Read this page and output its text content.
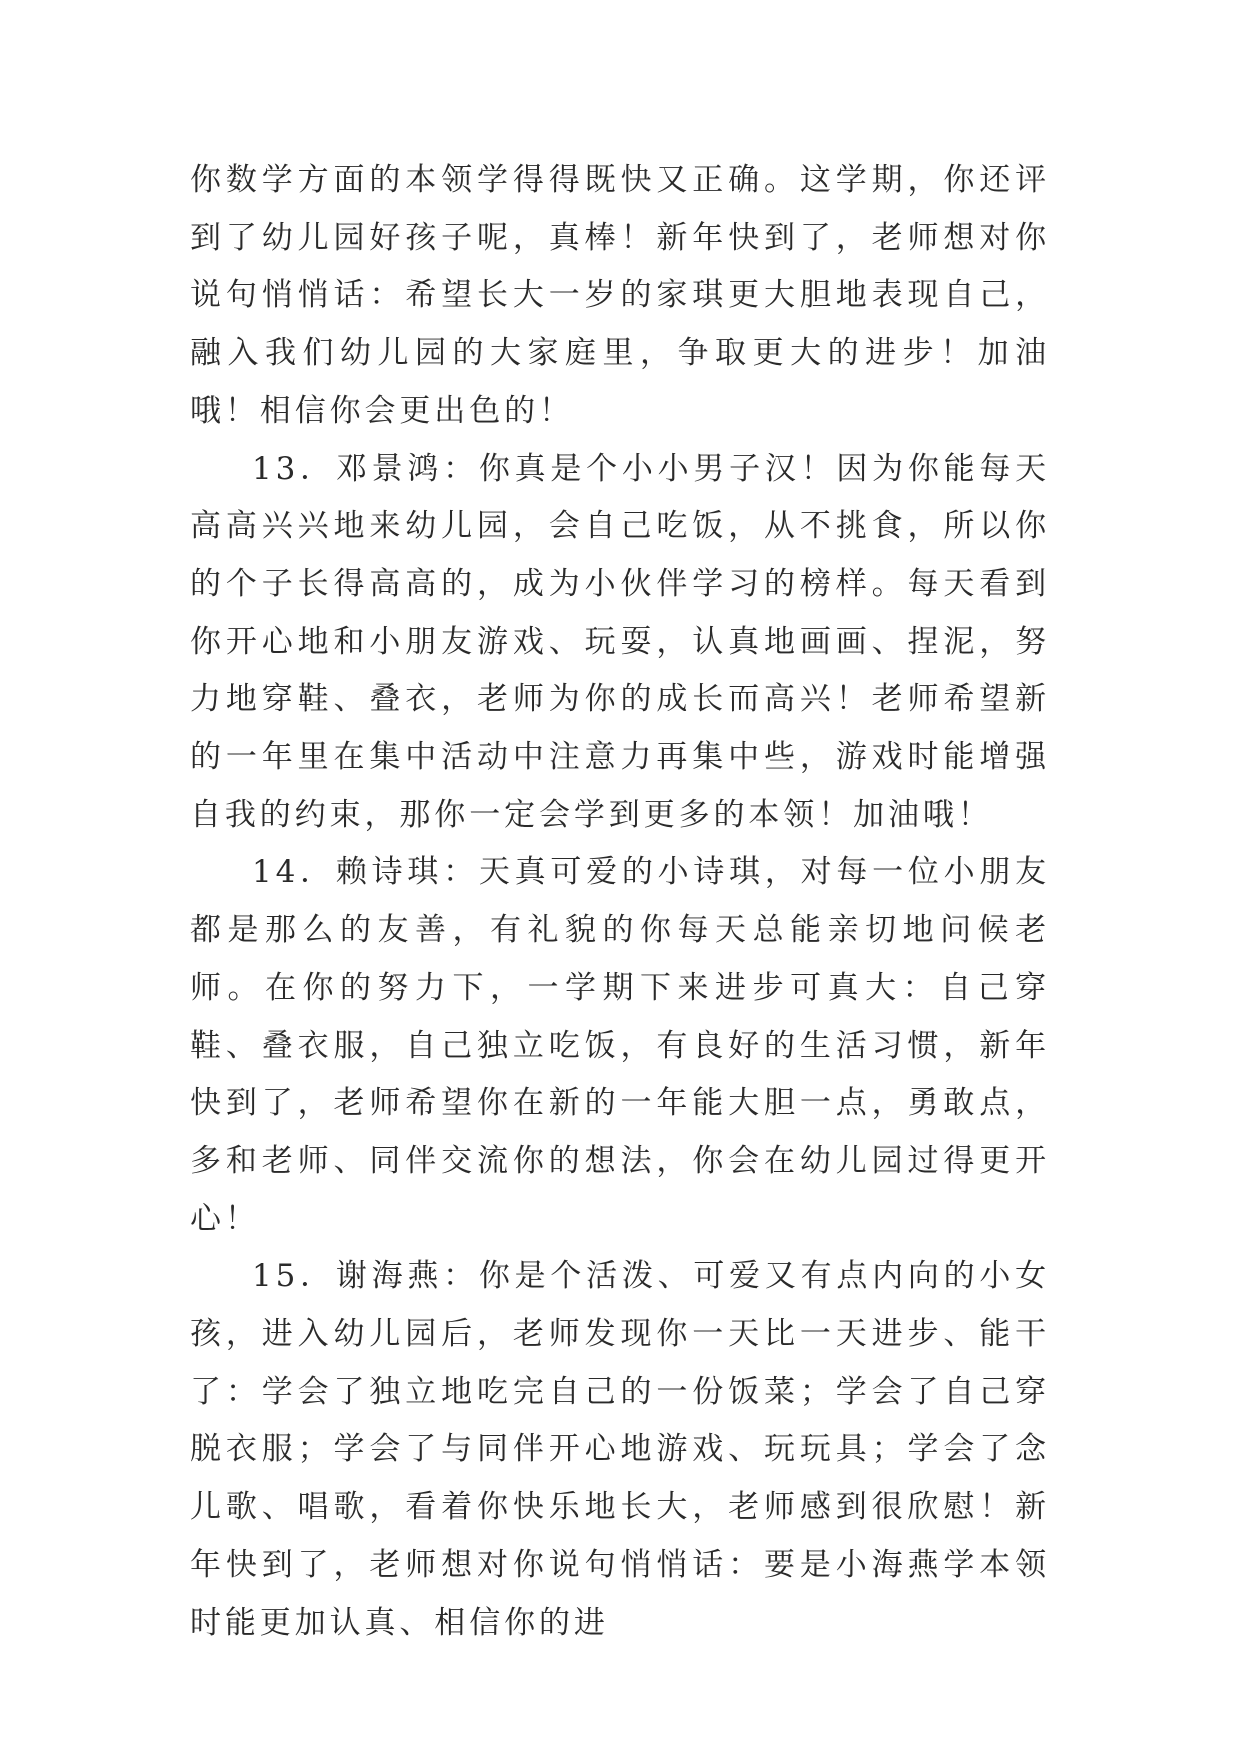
你数学方面的本领学得得既快又正确。这学期，你还评到了幼儿园好孩子呢，真棒！新年快到了，老师想对你说句悄悄话：希望长大一岁的家琪更大胆地表现自己，融入我们幼儿园的大家庭里，争取更大的进步！加油哦！相信你会更出色的！

13．邓景鸿：你真是个小小男子汉！因为你能每天高高兴兴地来幼儿园，会自己吃饭，从不挑食，所以你的个子长得高高的，成为小伙伴学习的榜样。每天看到你开心地和小朋友游戏、玩耍，认真地画画、捏泥，努力地穿鞋、叠衣，老师为你的成长而高兴！老师希望新的一年里在集中活动中注意力再集中些，游戏时能增强自我的约束，那你一定会学到更多的本领！加油哦！

14．赖诗琪：天真可爱的小诗琪，对每一位小朋友都是那么的友善，有礼貌的你每天总能亲切地问候老师。在你的努力下，一学期下来进步可真大：自己穿鞋、叠衣服，自己独立吃饭，有良好的生活习惯，新年快到了，老师希望你在新的一年能大胆一点，勇敢点，多和老师、同伴交流你的想法，你会在幼儿园过得更开心！

15．谢海燕：你是个活泼、可爱又有点内向的小女孩，进入幼儿园后，老师发现你一天比一天进步、能干了：学会了独立地吃完自己的一份饭菜；学会了自己穿脱衣服；学会了与同伴开心地游戏、玩玩具；学会了念儿歌、唱歌，看着你快乐地长大，老师感到很欣慰！新年快到了，老师想对你说句悄悄话：要是小海燕学本领时能更加认真、相信你的进
